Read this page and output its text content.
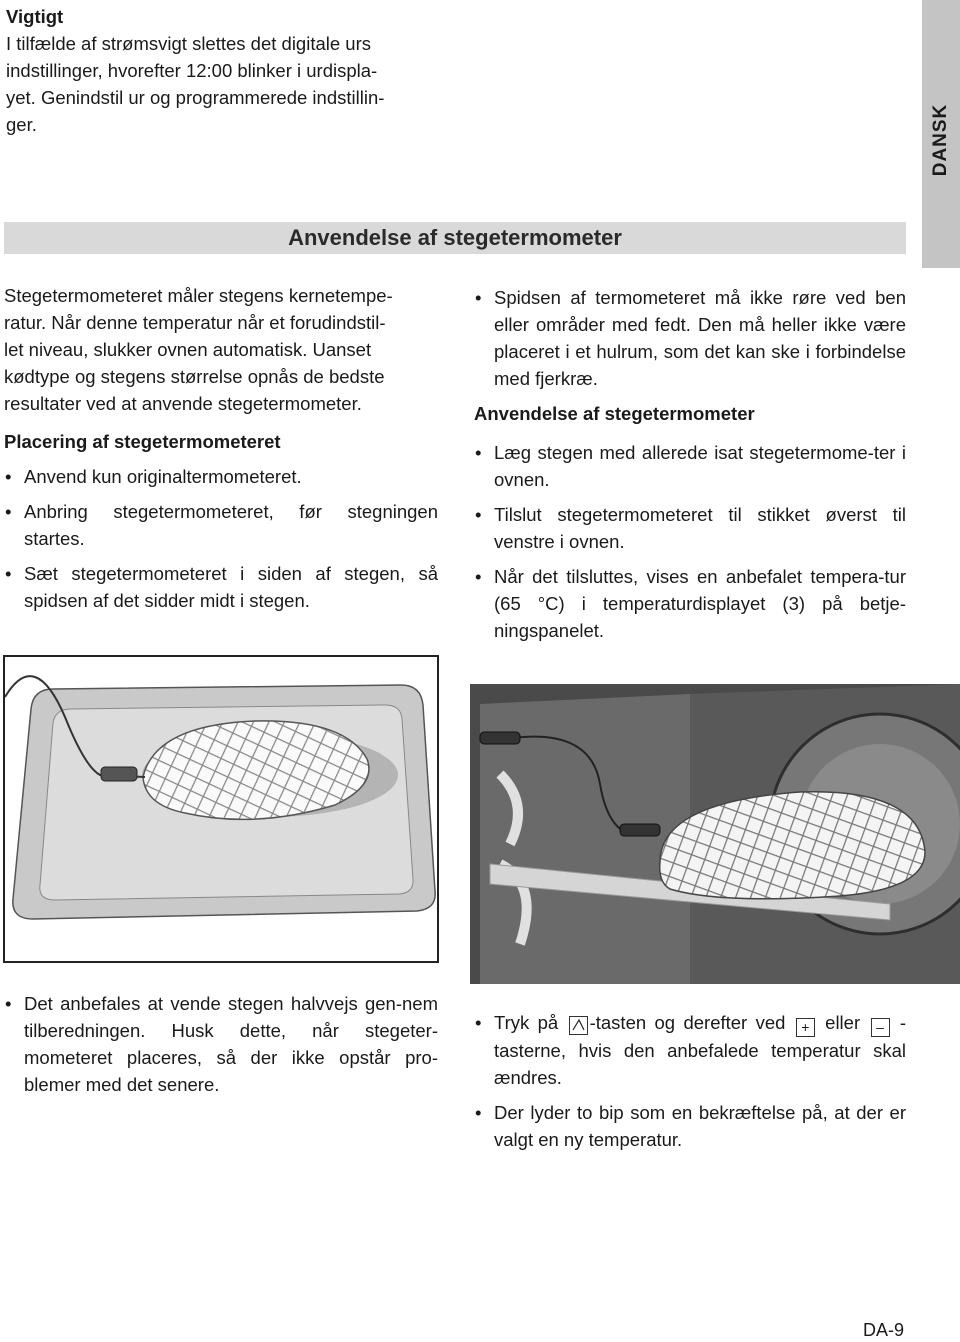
Vigtigt
I tilfælde af strømsvigt slettes det digitale urs
indstillinger, hvorefter 12:00 blinker i urdispla-
yet. Genindstil ur og programmerede indstillin-
ger.	DANSK
Anvendelse af stegetermometer
Stegetermometeret måler stegens kernetempe-
ratur. Når denne temperatur når et forudindstil-
let niveau, slukker ovnen automatisk. Uanset
kødtype og stegens størrelse opnås de bedste
resultater ved at anvende stegetermometer.
Placering af stegetermometeret
• Anvend kun originaltermometeret.
• Anbring stegetermometeret, før stegningen startes.
• Sæt stegetermometeret i siden af stegen, så spidsen af det sidder midt i stegen.
• Spidsen af termometeret må ikke røre ved ben eller områder med fedt. Den må heller ikke være placeret i et hulrum, som det kan ske i forbindelse med fjerkræ.
Anvendelse af stegetermometer
• Læg stegen med allerede isat stegetermome-ter i ovnen.
• Tilslut stegetermometeret til stikket øverst til venstre i ovnen.
• Når det tilsluttes, vises en anbefalet tempera-tur (65 °C) i temperaturdisplayet (3) på betje-ningspanelet.
• Det anbefales at vende stegen halvvejs gen-nem tilberedningen. Husk dette, når stegeter-mometeret placeres, så der ikke opstår pro-blemer med det senere.
• Tryk på -tasten og derefter ved + eller – -tasterne, hvis den anbefalede temperatur skal ændres.
• Der lyder to bip som en bekræftelse på, at der er valgt en ny temperatur.
DA-9
